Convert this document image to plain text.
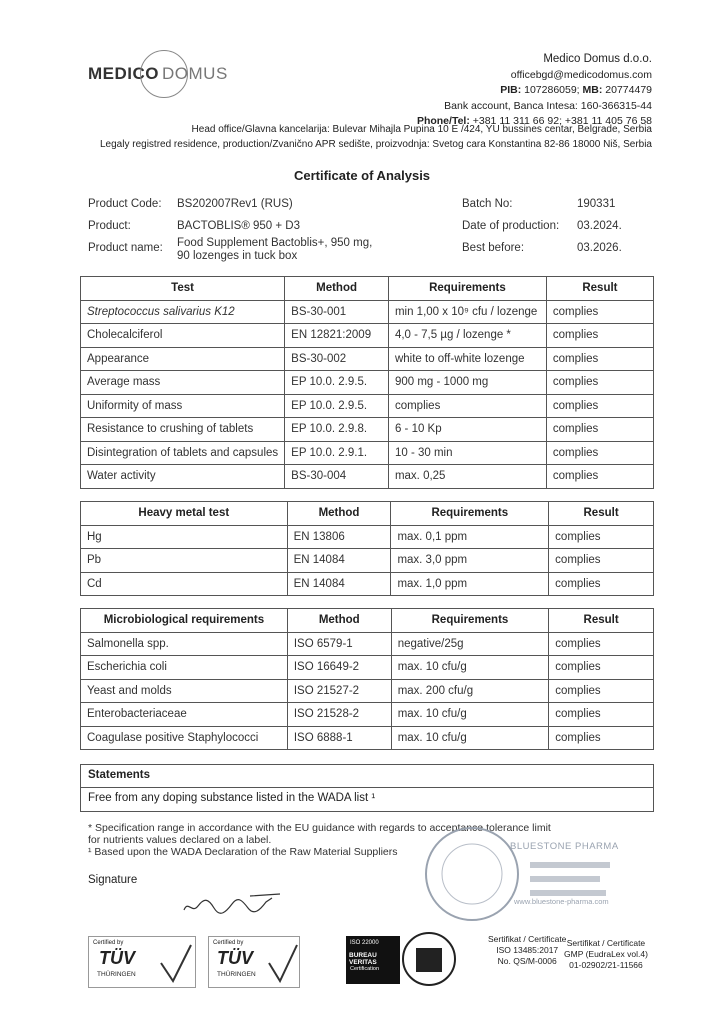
MEDICO DOMUS
Medico Domus d.o.o.
officebgd@medicodomus.com
PIB: 107286059; MB: 20774479
Bank account, Banca Intesa: 160-366315-44
Phone/Tel: +381 11 311 66 92; +381 11 405 76 58
Head office/Glavna kancelarija: Bulevar Mihajla Pupina 10 E /424, YU bussines centar, Belgrade, Serbia
Legaly registred residence, production/Zvanično APR sedište, proizvodnja: Svetog cara Konstantina 82-86 18000 Niš, Serbia
Certificate of Analysis
Product Code: BS202007Rev1 (RUS)
Product:	BACTOBLIS® 950 + D3
Product name: Food Supplement Bactoblis+, 950 mg,
90 lozenges in tuck box
Batch No:	190331
Date of production: 03.2024.
Best before:	03.2026.
Test	Method	Requirements	Result
Streptococcus salivarius K12	BS-30-001	min 1,00 x 10⁹ cfu / lozenge	complies
Cholecalciferol	EN 12821:2009	4,0 - 7,5 µg / lozenge *	complies
Appearance	BS-30-002	white to off-white lozenge	complies
Average mass	EP 10.0. 2.9.5.	900 mg - 1000 mg	complies
Uniformity of mass	EP 10.0. 2.9.5.	complies	complies
Resistance to crushing of tablets	EP 10.0. 2.9.8.	6 - 10 Kp	complies
Disintegration of tablets and capsules	EP 10.0. 2.9.1.	10 - 30 min	complies
Water activity	BS-30-004	max. 0,25	complies
Heavy metal test	Method	Requirements	Result
Hg	EN 13806	max. 0,1 ppm	complies
Pb	EN 14084	max. 3,0 ppm	complies
Cd	EN 14084	max. 1,0 ppm	complies
Microbiological requirements	Method	Requirements	Result
Salmonella spp.	ISO 6579-1	negative/25g	complies
Escherichia coli	ISO 16649-2	max. 10 cfu/g	complies
Yeast and molds	ISO 21527-2	max. 200 cfu/g	complies
Enterobacteriaceae	ISO 21528-2	max. 10 cfu/g	complies
Coagulase positive Staphylococci	ISO 6888-1	max. 10 cfu/g	complies
Statements
Free from any doping substance listed in the WADA list ¹
* Specification range in accordance with the EU guidance with regards to acceptance tolerance limit
for nutrients values declared on a label.
¹ Based upon the WADA Declaration of the Raw Material Suppliers
Signature
BLUESTONE PHARMA
www.bluestone-pharma.com
Certified by
TÜV
THÜRINGEN
Certified by
TÜV
THÜRINGEN
ISO 22000
BUREAU VERITAS
Certification
Sertifikat / Certificate
ISO 13485:2017
No. QS/M-0006
Sertifikat / Certificate
GMP (EudraLex vol.4)
01-02902/21-11566
